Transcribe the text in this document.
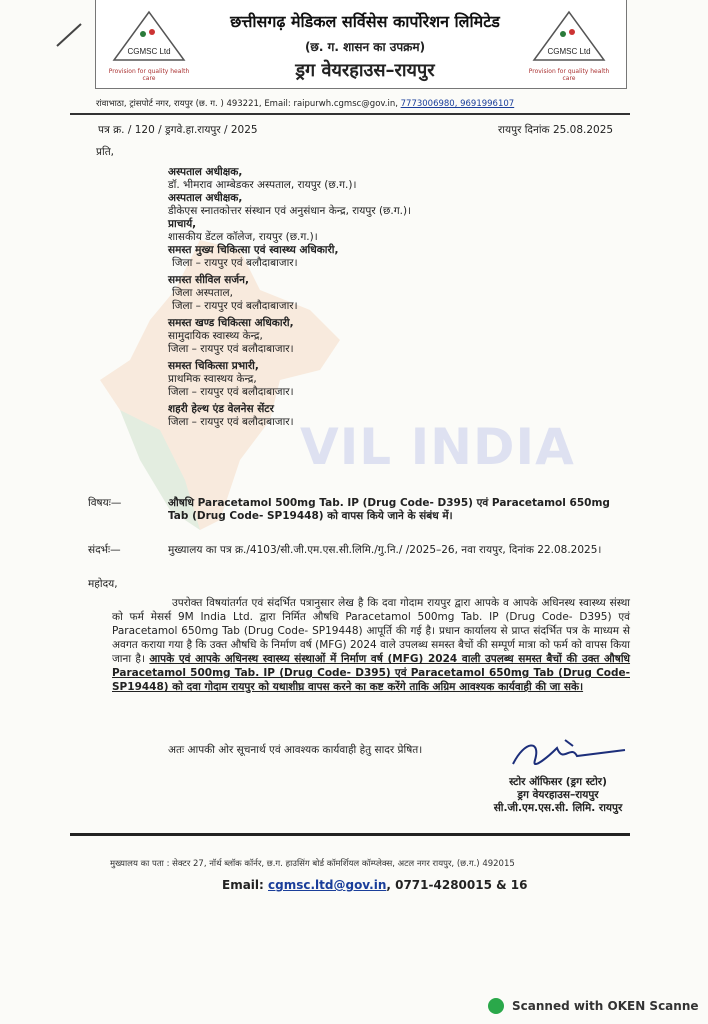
VIL INDIA
CGMSC Ltd
Provision for quality health care
CGMSC Ltd
Provision for quality health care
छत्तीसगढ़ मेडिकल सर्विसेस कार्पोरेशन लिमिटेड
(छ. ग. शासन का उपक्रम)
ड्रग वेयरहाउस–रायपुर
रांवाभाठा, ट्रांसपोर्ट नगर, रायपुर (छ. ग. ) 493221, Email: raipurwh.cgmsc@gov.in, 7773006980, 9691996107
पत्र क्र. / 120 / ड्रगवे.हा.रायपुर / 2025	रायपुर दिनांक 25.08.2025
प्रति,
अस्पताल अधीक्षक,
डॉ. भीमराव आम्बेडकर अस्पताल, रायपुर (छ.ग.)।
अस्पताल अधीक्षक,
डीकेएस स्नातकोत्तर संस्थान एवं अनुसंधान केन्द्र, रायपुर (छ.ग.)।
प्राचार्य,
शासकीय डेंटल कॉलेज, रायपुर (छ.ग.)।
समस्त मुख्य चिकित्सा एवं स्वास्थ्य अधिकारी,
जिला – रायपुर एवं बलौदाबाजार।
समस्त सीविल सर्जन,
जिला अस्पताल,
जिला – रायपुर एवं बलौदाबाजार।
समस्त खण्ड चिकित्सा अधिकारी,
सामुदायिक स्वास्थ्य केन्द्र,
जिला – रायपुर एवं बलौदाबाजार।
समस्त चिकित्सा प्रभारी,
प्राथमिक स्वास्थय केन्द्र,
जिला – रायपुर एवं बलौदाबाजार।
शहरी हेल्थ एंड वेलनेस सेंटर
जिला – रायपुर एवं बलौदाबाजार।
विषयः—	औषधि Paracetamol 500mg Tab. IP (Drug Code- D395) एवं Paracetamol 650mg Tab (Drug Code- SP19448) को वापस किये जाने के संबंध में।
संदर्भः—	मुख्यालय का पत्र क्र./4103/सी.जी.एम.एस.सी.लिमि./गु.नि./ /2025–26, नवा रायपुर, दिनांक 22.08.2025।
महोदय,
उपरोक्त विषयांतर्गत एवं संदर्भित पत्रानुसार लेख है कि दवा गोदाम रायपुर द्वारा आपके व आपके अधिनस्थ स्वास्थ्य संस्था को फर्म मेसर्स 9M India Ltd. द्वारा निर्मित औषधि Paracetamol 500mg Tab. IP (Drug Code- D395) एवं Paracetamol 650mg Tab (Drug Code- SP19448) आपूर्ति की गई है। प्रधान कार्यालय से प्राप्त संदर्भित पत्र के माध्यम से अवगत कराया गया है कि उक्त औषधि के निर्माण वर्ष (MFG) 2024 वाले उपलब्ध समस्त बैचों की सम्पूर्ण मात्रा को फर्म को वापस किया जाना है। आपके एवं आपके अधिनस्थ स्वास्थ्य संस्थाओं में निर्माण वर्ष (MFG) 2024 वाली उपलब्ध समस्त बैचों की उक्त औषधि Paracetamol 500mg Tab. IP (Drug Code- D395) एवं Paracetamol 650mg Tab (Drug Code- SP19448) को दवा गोदाम रायपुर को यथाशीघ्र वापस करने का कष्ट करेंगे ताकि अग्रिम आवश्यक कार्यवाही की जा सके।
अतः आपकी ओर सूचनार्थ एवं आवश्यक कार्यवाही हेतु सादर प्रेषित।
स्टोर ऑफिसर (ड्रग स्टोर)
ड्रग वेयरहाउस–रायपुर
सी.जी.एम.एस.सी. लिमि. रायपुर
मुख्यालय का पता : सेक्टर 27, नॉर्थ ब्लॉक कॉर्नर, छ.ग. हाउसिंग बोर्ड कॉमर्शियल कॉम्प्लेक्स, अटल नगर रायपुर, (छ.ग.) 492015
Email: cgmsc.ltd@gov.in, 0771-4280015 & 16
Scanned with OKEN Scanne
